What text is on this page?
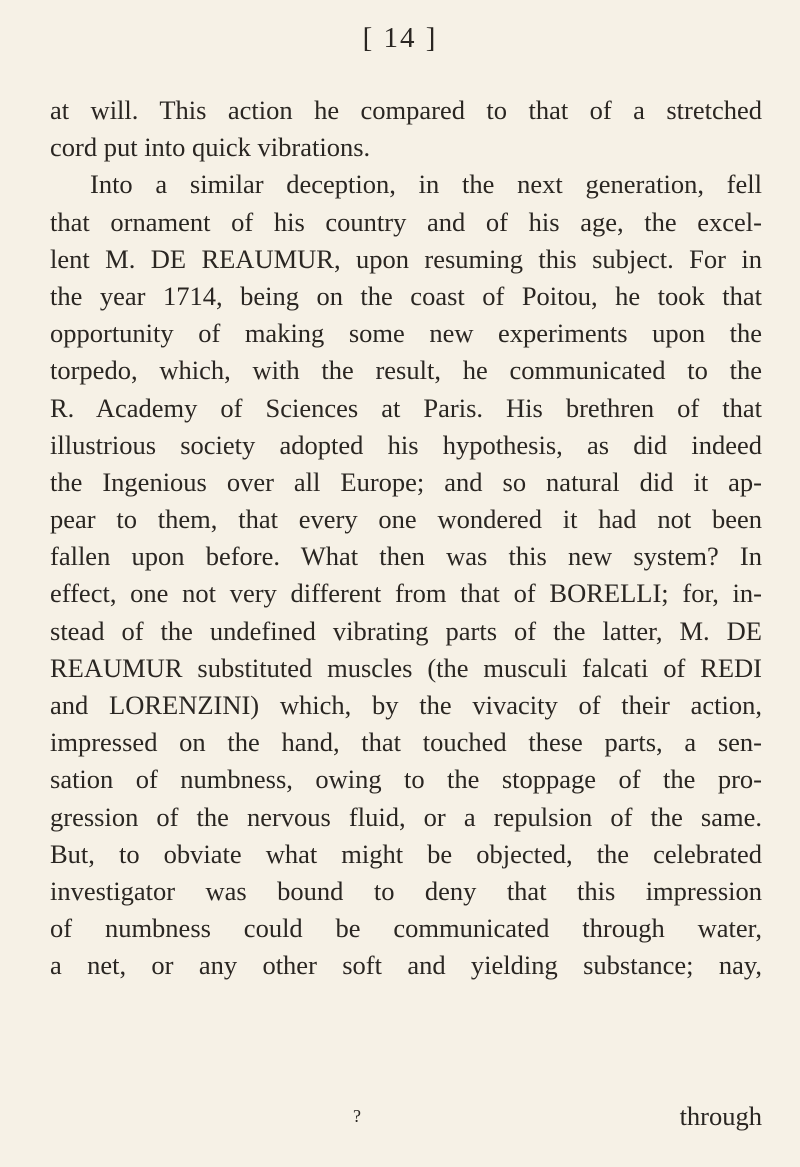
[ 14 ]
at will. This action he compared to that of a stretched
cord put into quick vibrations.
Into a similar deception, in the next generation, fell
that ornament of his country and of his age, the excel-
lent M. DE REAUMUR, upon resuming this subject. For in
the year 1714, being on the coast of Poitou, he took that
opportunity of making some new experiments upon the
torpedo, which, with the result, he communicated to the
R. Academy of Sciences at Paris. His brethren of that
illustrious society adopted his hypothesis, as did indeed
the Ingenious over all Europe; and so natural did it ap-
pear to them, that every one wondered it had not been
fallen upon before. What then was this new system? In
effect, one not very different from that of BORELLI; for, in-
stead of the undefined vibrating parts of the latter, M. DE
REAUMUR substituted muscles (the musculi falcati of REDI
and LORENZINI) which, by the vivacity of their action,
impressed on the hand, that touched these parts, a sen-
sation of numbness, owing to the stoppage of the pro-
gression of the nervous fluid, or a repulsion of the same.
But, to obviate what might be objected, the celebrated
investigator was bound to deny that this impression
of numbness could be communicated through water,
a net, or any other soft and yielding substance; nay,
?	through
